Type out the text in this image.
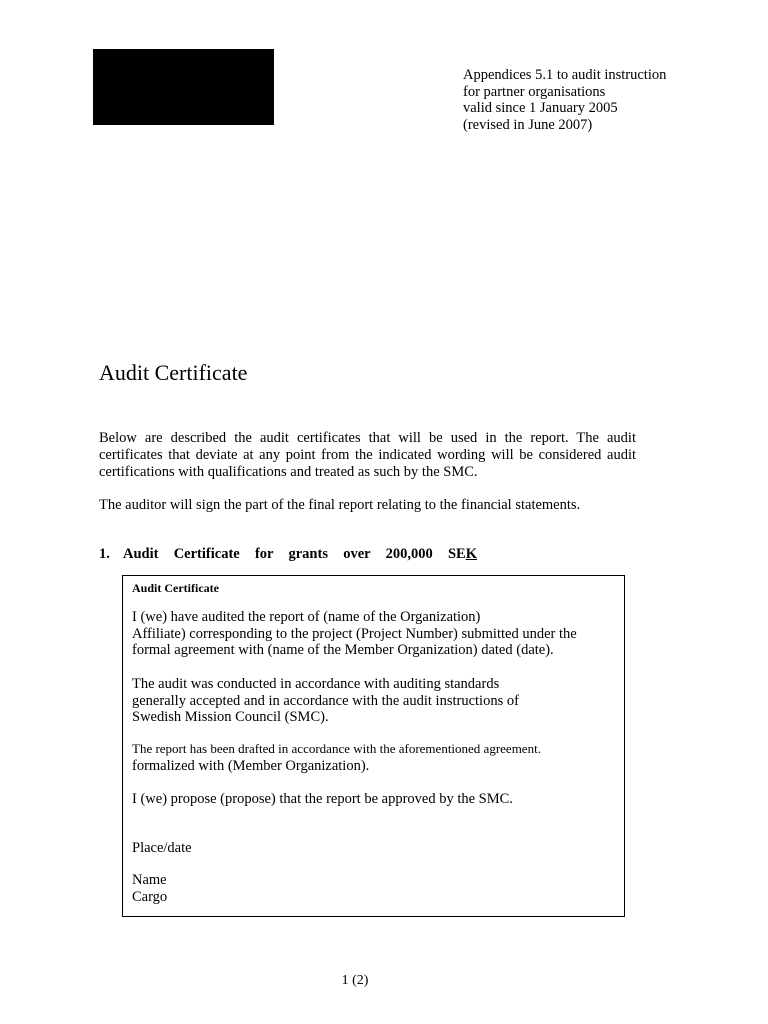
Appendices 5.1 to audit instruction
for partner organisations
valid since 1 January 2005
(revised in June 2007)
Audit Certificate

Below are described the audit certificates that will be used in the report. The audit certificates that deviate at any point from the indicated wording will be considered audit certifications with qualifications and treated as such by the SMC.

The auditor will sign the part of the final report relating to the financial statements.

1. Audit Certificate for grants over 200,000 SEK

Audit Certificate

I (we) have audited the report of (name of the Organization)
Affiliate) corresponding to the project (Project Number) submitted under the
formal agreement with (name of the Member Organization) dated (date).
The audit was conducted in accordance with auditing standards
generally accepted and in accordance with the audit instructions of
Swedish Mission Council (SMC).
The report has been drafted in accordance with the aforementioned agreement.
formalized with (Member Organization).
I (we) propose (propose) that the report be approved by the SMC.
Place/date
Name
Cargo
1 (2)
